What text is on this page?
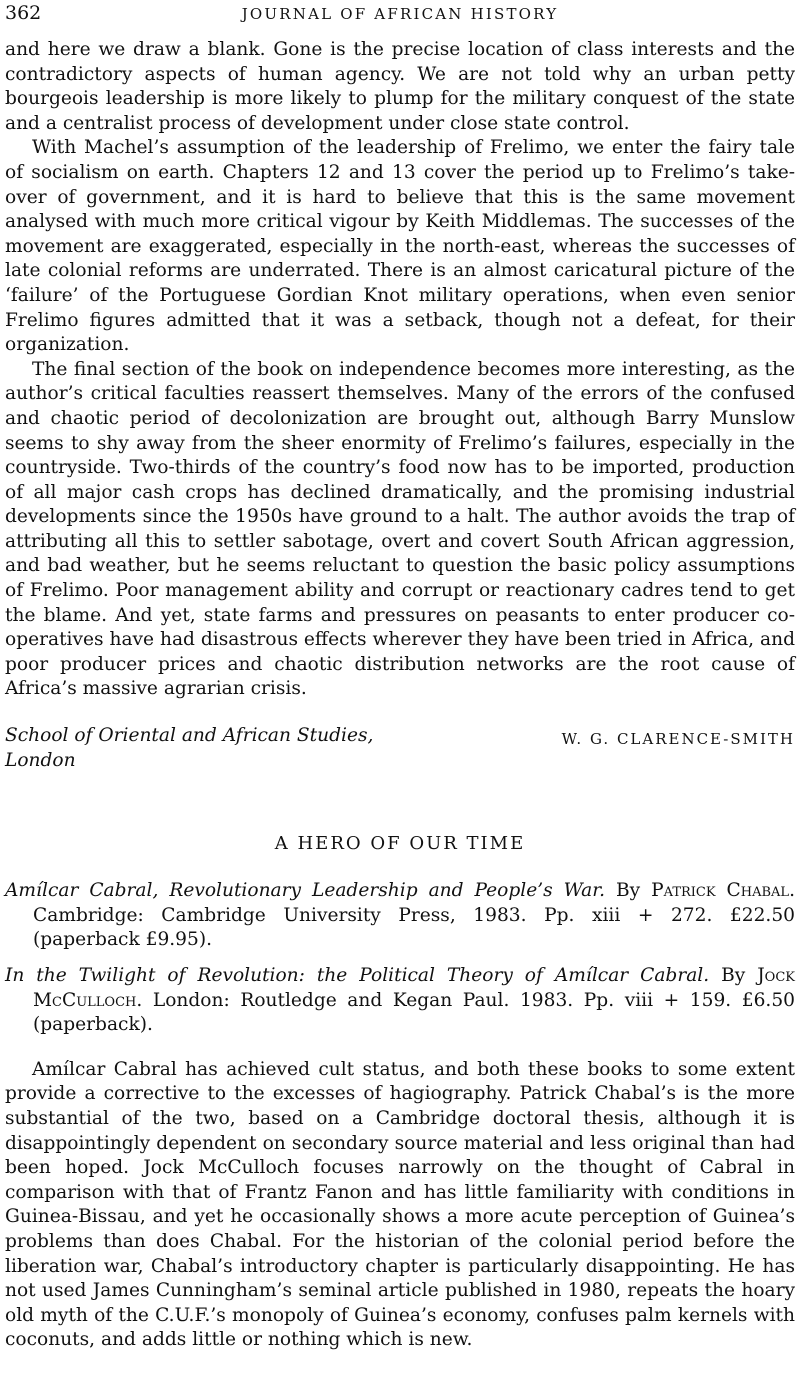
362	JOURNAL OF AFRICAN HISTORY

and here we draw a blank. Gone is the precise location of class interests and the contradictory aspects of human agency. We are not told why an urban petty bourgeois leadership is more likely to plump for the military conquest of the state and a centralist process of development under close state control.

With Machel’s assumption of the leadership of Frelimo, we enter the fairy tale of socialism on earth. Chapters 12 and 13 cover the period up to Frelimo’s take-over of government, and it is hard to believe that this is the same movement analysed with much more critical vigour by Keith Middlemas. The successes of the movement are exaggerated, especially in the north-east, whereas the successes of late colonial reforms are underrated. There is an almost caricatural picture of the ‘failure’ of the Portuguese Gordian Knot military operations, when even senior Frelimo figures admitted that it was a setback, though not a defeat, for their organization.

The final section of the book on independence becomes more interesting, as the author’s critical faculties reassert themselves. Many of the errors of the confused and chaotic period of decolonization are brought out, although Barry Munslow seems to shy away from the sheer enormity of Frelimo’s failures, especially in the countryside. Two-thirds of the country’s food now has to be imported, production of all major cash crops has declined dramatically, and the promising industrial developments since the 1950s have ground to a halt. The author avoids the trap of attributing all this to settler sabotage, overt and covert South African aggression, and bad weather, but he seems reluctant to question the basic policy assumptions of Frelimo. Poor management ability and corrupt or reactionary cadres tend to get the blame. And yet, state farms and pressures on peasants to enter producer co-operatives have had disastrous effects wherever they have been tried in Africa, and poor producer prices and chaotic distribution networks are the root cause of Africa’s massive agrarian crisis.

School of Oriental and African Studies,
London
W. G. CLARENCE-SMITH
A HERO OF OUR TIME

Amílcar Cabral, Revolutionary Leadership and People’s War. By Patrick Chabal. Cambridge: Cambridge University Press, 1983. Pp. xiii + 272. £22.50 (paperback £9.95).

In the Twilight of Revolution: the Political Theory of Amílcar Cabral. By Jock McCulloch. London: Routledge and Kegan Paul. 1983. Pp. viii + 159. £6.50 (paperback).

Amílcar Cabral has achieved cult status, and both these books to some extent provide a corrective to the excesses of hagiography. Patrick Chabal’s is the more substantial of the two, based on a Cambridge doctoral thesis, although it is disappointingly dependent on secondary source material and less original than had been hoped. Jock McCulloch focuses narrowly on the thought of Cabral in comparison with that of Frantz Fanon and has little familiarity with conditions in Guinea-Bissau, and yet he occasionally shows a more acute perception of Guinea’s problems than does Chabal. For the historian of the colonial period before the liberation war, Chabal’s introductory chapter is particularly disappointing. He has not used James Cunningham’s seminal article published in 1980, repeats the hoary old myth of the C.U.F.’s monopoly of Guinea’s economy, confuses palm kernels with coconuts, and adds little or nothing which is new.
